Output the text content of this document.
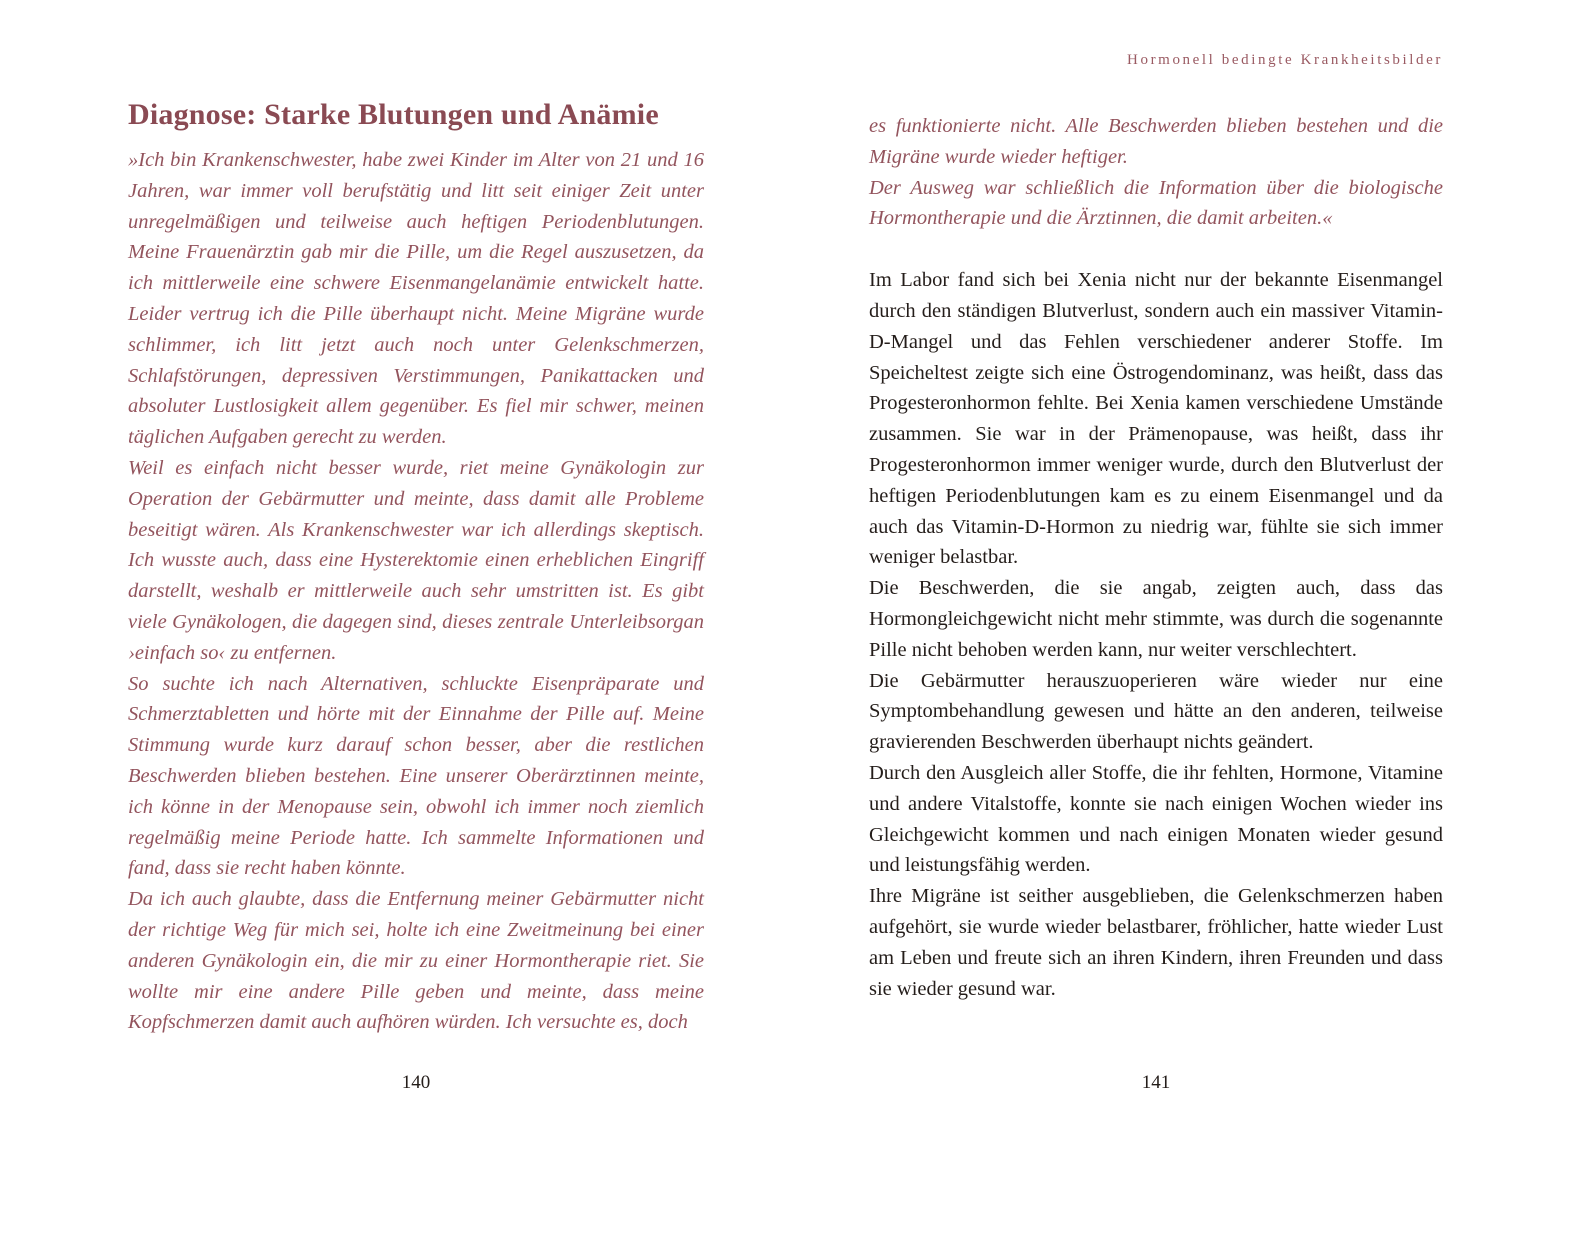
Diagnose: Starke Blutungen und Anämie

»Ich bin Krankenschwester, habe zwei Kinder im Alter von 21 und 16 Jahren, war immer voll berufstätig und litt seit einiger Zeit unter unregelmäßigen und teilweise auch heftigen Periodenblutungen. Meine Frauenärztin gab mir die Pille, um die Regel auszusetzen, da ich mittlerweile eine schwere Eisenmangelanämie entwickelt hatte. Leider vertrug ich die Pille überhaupt nicht. Meine Migräne wurde schlimmer, ich litt jetzt auch noch unter Gelenkschmerzen, Schlafstörungen, depressiven Verstimmungen, Panikattacken und absoluter Lustlosigkeit allem gegenüber. Es fiel mir schwer, meinen täglichen Aufgaben gerecht zu werden.

Weil es einfach nicht besser wurde, riet meine Gynäkologin zur Operation der Gebärmutter und meinte, dass damit alle Probleme beseitigt wären. Als Krankenschwester war ich allerdings skeptisch. Ich wusste auch, dass eine Hysterektomie einen erheblichen Eingriff darstellt, weshalb er mittlerweile auch sehr umstritten ist. Es gibt viele Gynäkologen, die dagegen sind, dieses zentrale Unterleibsorgan ›einfach so‹ zu entfernen.

So suchte ich nach Alternativen, schluckte Eisenpräparate und Schmerztabletten und hörte mit der Einnahme der Pille auf. Meine Stimmung wurde kurz darauf schon besser, aber die restlichen Beschwerden blieben bestehen. Eine unserer Oberärztinnen meinte, ich könne in der Menopause sein, obwohl ich immer noch ziemlich regelmäßig meine Periode hatte. Ich sammelte Informationen und fand, dass sie recht haben könnte.

Da ich auch glaubte, dass die Entfernung meiner Gebärmutter nicht der richtige Weg für mich sei, holte ich eine Zweitmeinung bei einer anderen Gynäkologin ein, die mir zu einer Hormontherapie riet. Sie wollte mir eine andere Pille geben und meinte, dass meine Kopfschmerzen damit auch aufhören würden. Ich versuchte es, doch

Hormonell bedingte Krankheitsbilder

es funktionierte nicht. Alle Beschwerden blieben bestehen und die Migräne wurde wieder heftiger.

Der Ausweg war schließlich die Information über die biologische Hormontherapie und die Ärztinnen, die damit arbeiten.«

Im Labor fand sich bei Xenia nicht nur der bekannte Eisenmangel durch den ständigen Blutverlust, sondern auch ein massiver Vitamin-D-Mangel und das Fehlen verschiedener anderer Stoffe. Im Speicheltest zeigte sich eine Östrogendominanz, was heißt, dass das Progesteronhormon fehlte. Bei Xenia kamen verschiedene Umstände zusammen. Sie war in der Prämenopause, was heißt, dass ihr Progesteronhormon immer weniger wurde, durch den Blutverlust der heftigen Periodenblutungen kam es zu einem Eisenmangel und da auch das Vitamin-D-Hormon zu niedrig war, fühlte sie sich immer weniger belastbar.

Die Beschwerden, die sie angab, zeigten auch, dass das Hormongleichgewicht nicht mehr stimmte, was durch die sogenannte Pille nicht behoben werden kann, nur weiter verschlechtert.

Die Gebärmutter herauszuoperieren wäre wieder nur eine Symptombehandlung gewesen und hätte an den anderen, teilweise gravierenden Beschwerden überhaupt nichts geändert.

Durch den Ausgleich aller Stoffe, die ihr fehlten, Hormone, Vitamine und andere Vitalstoffe, konnte sie nach einigen Wochen wieder ins Gleichgewicht kommen und nach einigen Monaten wieder gesund und leistungsfähig werden.

Ihre Migräne ist seither ausgeblieben, die Gelenkschmerzen haben aufgehört, sie wurde wieder belastbarer, fröhlicher, hatte wieder Lust am Leben und freute sich an ihren Kindern, ihren Freunden und dass sie wieder gesund war.

140	141
